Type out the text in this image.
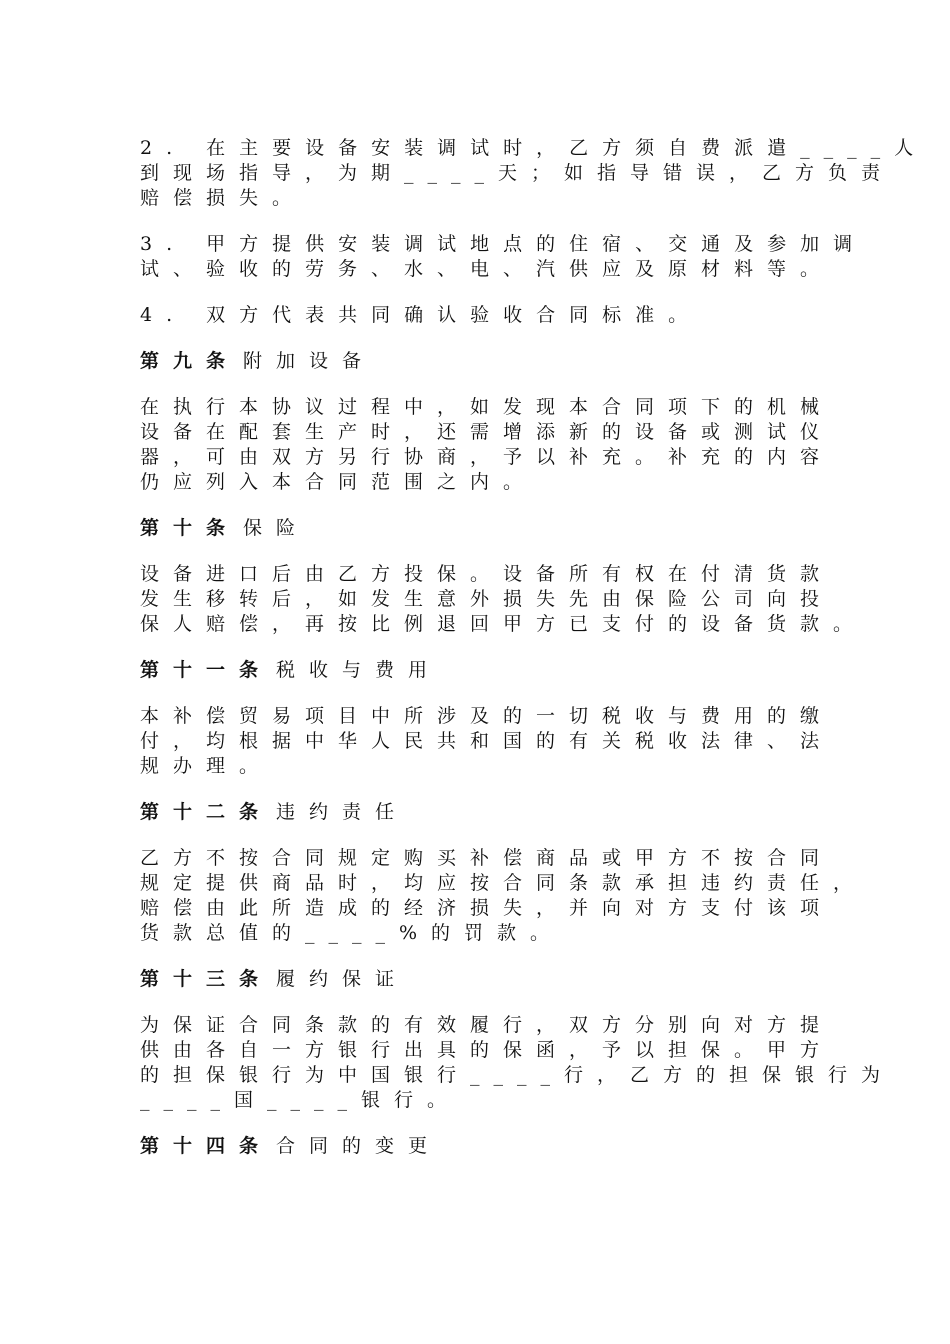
2. 在主要设备安装调试时，乙方须自费派遣____人
到现场指导，为期____天；如指导错误，乙方负责
赔偿损失。
3. 甲方提供安装调试地点的住宿、交通及参加调
试、验收的劳务、水、电、汽供应及原材料等。
4. 双方代表共同确认验收合同标准。
第九条 附加设备
在执行本协议过程中，如发现本合同项下的机械
设备在配套生产时，还需增添新的设备或测试仪
器，可由双方另行协商，予以补充。补充的内容
仍应列入本合同范围之内。
第十条 保险
设备进口后由乙方投保。设备所有权在付清货款
发生移转后，如发生意外损失先由保险公司向投
保人赔偿，再按比例退回甲方已支付的设备货款。
第十一条 税收与费用
本补偿贸易项目中所涉及的一切税收与费用的缴
付，均根据中华人民共和国的有关税收法律、法
规办理。
第十二条 违约责任
乙方不按合同规定购买补偿商品或甲方不按合同
规定提供商品时，均应按合同条款承担违约责任，
赔偿由此所造成的经济损失，并向对方支付该项
货款总值的____%的罚款。
第十三条 履约保证
为保证合同条款的有效履行，双方分别向对方提
供由各自一方银行出具的保函，予以担保。甲方
的担保银行为中国银行____行，乙方的担保银行为
____国____银行。
第十四条 合同的变更
